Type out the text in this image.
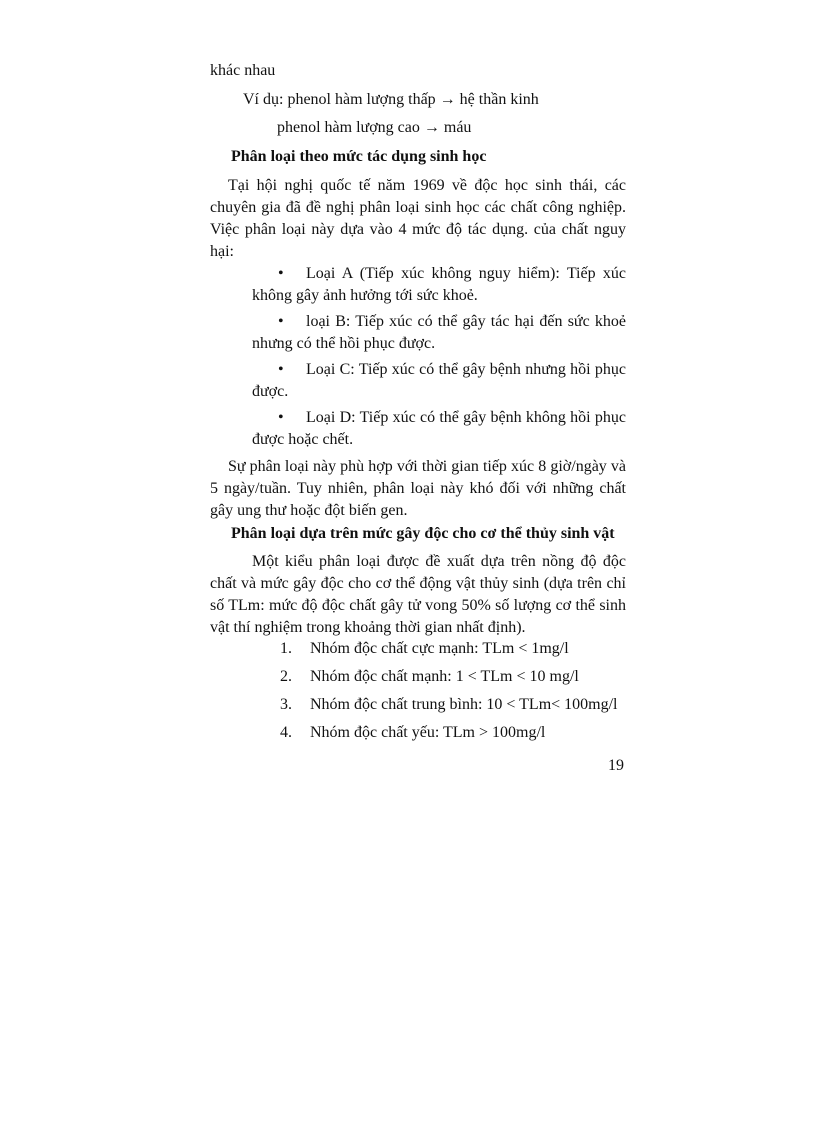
khác nhau
Ví dụ: phenol hàm lượng thấp → hệ thần kinh
phenol hàm lượng cao → máu
Phân loại theo mức tác dụng sinh học
Tại hội nghị quốc tế năm 1969 về độc học sinh thái, các chuyên gia đã đề nghị phân loại sinh học các chất công nghiệp. Việc phân loại này dựa vào 4 mức độ tác dụng. của chất nguy hại:
• Loại A (Tiếp xúc không nguy hiểm): Tiếp xúc không gây ảnh hưởng tới sức khoẻ.
• loại B: Tiếp xúc có thể gây tác hại đến sức khoẻ nhưng có thể hồi phục được.
• Loại C: Tiếp xúc có thể gây bệnh nhưng hồi phục được.
• Loại D: Tiếp xúc có thể gây bệnh không hồi phục được hoặc chết.
Sự phân loại này phù hợp với thời gian tiếp xúc 8 giờ/ngày và 5 ngày/tuần. Tuy nhiên, phân loại này khó đối với những chất gây ung thư hoặc đột biến gen.
Phân loại dựa trên mức gây độc cho cơ thể thủy sinh vật
Một kiểu phân loại được đề xuất dựa trên nồng độ độc chất và mức gây độc cho cơ thể động vật thủy sinh (dựa trên chỉ số TLm: mức độ độc chất gây tử vong 50% số lượng cơ thể sinh vật thí nghiệm trong khoảng thời gian nhất định).
1. Nhóm độc chất cực mạnh: TLm < 1mg/l
2. Nhóm độc chất mạnh: 1 < TLm < 10 mg/l
3. Nhóm độc chất trung bình: 10 < TLm< 100mg/l
4. Nhóm độc chất yếu: TLm > 100mg/l
19
